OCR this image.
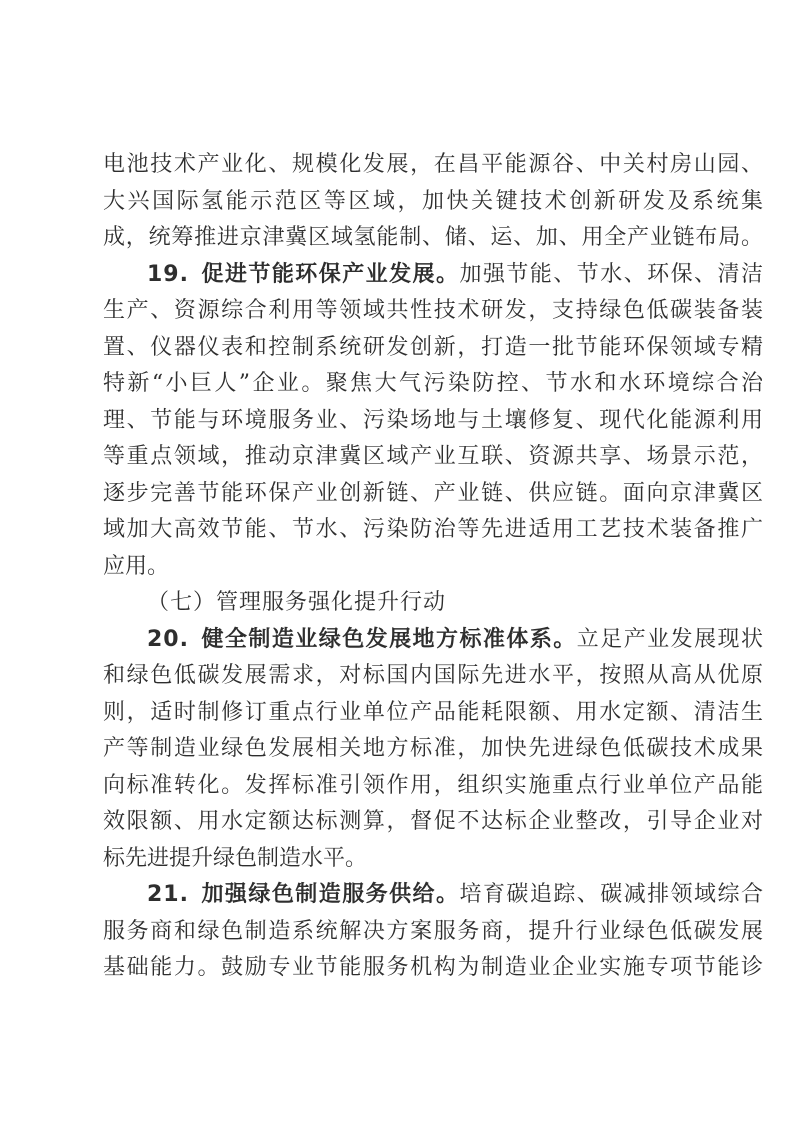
电池技术产业化、规模化发展，在昌平能源谷、中关村房山园、
大兴国际氢能示范区等区域，加快关键技术创新研发及系统集
成，统筹推进京津冀区域氢能制、储、运、加、用全产业链布局。
19. 促进节能环保产业发展。加强节能、节水、环保、清洁
生产、资源综合利用等领域共性技术研发，支持绿色低碳装备装
置、仪器仪表和控制系统研发创新，打造一批节能环保领域专精
特新“小巨人”企业。聚焦大气污染防控、节水和水环境综合治
理、节能与环境服务业、污染场地与土壤修复、现代化能源利用
等重点领域，推动京津冀区域产业互联、资源共享、场景示范，
逐步完善节能环保产业创新链、产业链、供应链。面向京津冀区
域加大高效节能、节水、污染防治等先进适用工艺技术装备推广
应用。
（七）管理服务强化提升行动
20. 健全制造业绿色发展地方标准体系。立足产业发展现状
和绿色低碳发展需求，对标国内国际先进水平，按照从高从优原
则，适时制修订重点行业单位产品能耗限额、用水定额、清洁生
产等制造业绿色发展相关地方标准，加快先进绿色低碳技术成果
向标准转化。发挥标准引领作用，组织实施重点行业单位产品能
效限额、用水定额达标测算，督促不达标企业整改，引导企业对
标先进提升绿色制造水平。
21. 加强绿色制造服务供给。培育碳追踪、碳减排领域综合
服务商和绿色制造系统解决方案服务商，提升行业绿色低碳发展
基础能力。鼓励专业节能服务机构为制造业企业实施专项节能诊
